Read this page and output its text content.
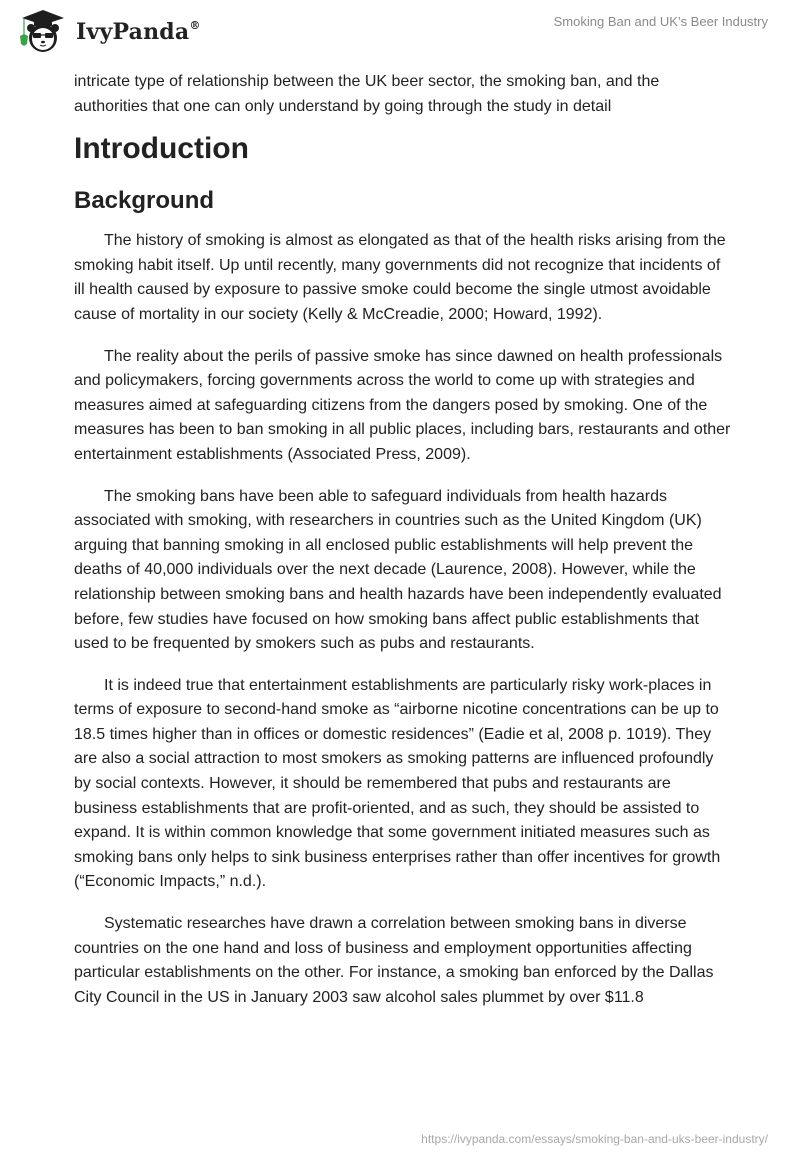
IvyPanda®	Smoking Ban and UK’s Beer Industry

intricate type of relationship between the UK beer sector, the smoking ban, and the authorities that one can only understand by going through the study in detail

Introduction
Background

The history of smoking is almost as elongated as that of the health risks arising from the smoking habit itself. Up until recently, many governments did not recognize that incidents of ill health caused by exposure to passive smoke could become the single utmost avoidable cause of mortality in our society (Kelly & McCreadie, 2000; Howard, 1992).

The reality about the perils of passive smoke has since dawned on health professionals and policymakers, forcing governments across the world to come up with strategies and measures aimed at safeguarding citizens from the dangers posed by smoking. One of the measures has been to ban smoking in all public places, including bars, restaurants and other entertainment establishments (Associated Press, 2009).

The smoking bans have been able to safeguard individuals from health hazards associated with smoking, with researchers in countries such as the United Kingdom (UK) arguing that banning smoking in all enclosed public establishments will help prevent the deaths of 40,000 individuals over the next decade (Laurence, 2008). However, while the relationship between smoking bans and health hazards have been independently evaluated before, few studies have focused on how smoking bans affect public establishments that used to be frequented by smokers such as pubs and restaurants.

It is indeed true that entertainment establishments are particularly risky work-places in terms of exposure to second-hand smoke as “airborne nicotine concentrations can be up to 18.5 times higher than in offices or domestic residences” (Eadie et al, 2008 p. 1019). They are also a social attraction to most smokers as smoking patterns are influenced profoundly by social contexts. However, it should be remembered that pubs and restaurants are business establishments that are profit-oriented, and as such, they should be assisted to expand. It is within common knowledge that some government initiated measures such as smoking bans only helps to sink business enterprises rather than offer incentives for growth (“Economic Impacts,” n.d.).

Systematic researches have drawn a correlation between smoking bans in diverse countries on the one hand and loss of business and employment opportunities affecting particular establishments on the other. For instance, a smoking ban enforced by the Dallas City Council in the US in January 2003 saw alcohol sales plummet by over $11.8

https://ivypanda.com/essays/smoking-ban-and-uks-beer-industry/
